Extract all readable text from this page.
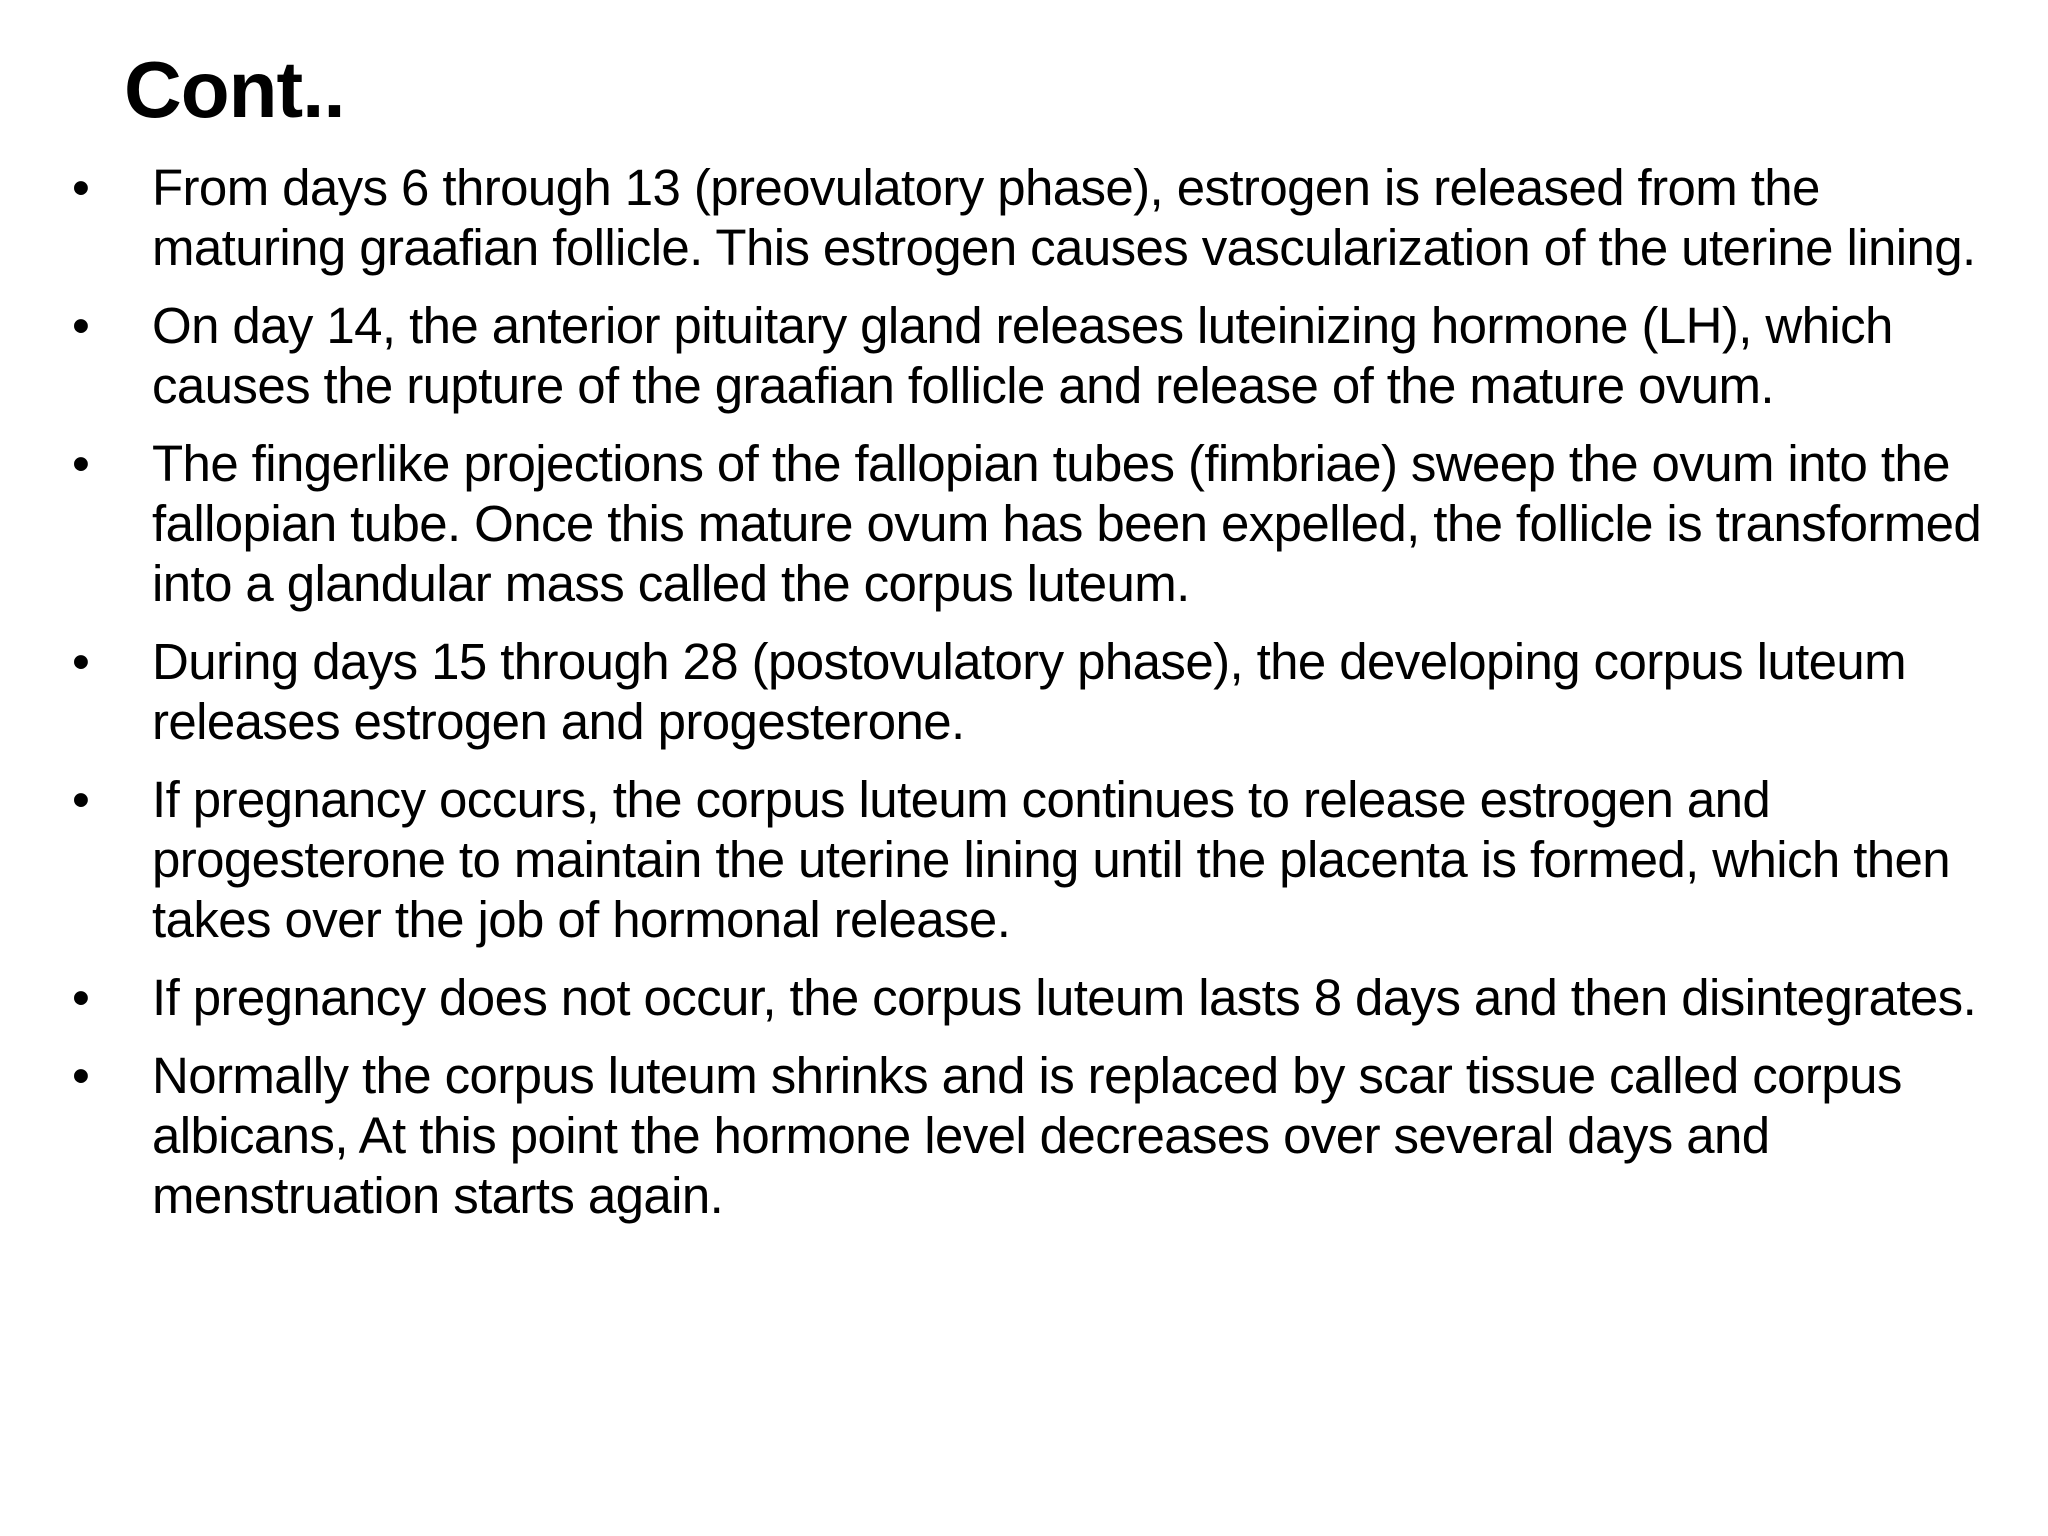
Cont..
• From days 6 through 13 (preovulatory phase), estrogen is released from the maturing graafian follicle. This estrogen causes vascularization of the uterine lining.
• On day 14, the anterior pituitary gland releases luteinizing hormone (LH), which causes the rupture of the graafian follicle and release of the mature ovum.
• The fingerlike projections of the fallopian tubes (fimbriae) sweep the ovum into the fallopian tube. Once this mature ovum has been expelled, the follicle is transformed into a glandular mass called the corpus luteum.
• During days 15 through 28 (postovulatory phase), the developing corpus luteum releases estrogen and progesterone.
• If pregnancy occurs, the corpus luteum continues to release estrogen and progesterone to maintain the uterine lining until the placenta is formed, which then takes over the job of hormonal release.
• If pregnancy does not occur, the corpus luteum lasts 8 days and then disintegrates.
• Normally the corpus luteum shrinks and is replaced by scar tissue called corpus albicans, At this point the hormone level decreases over several days and menstruation starts again.
